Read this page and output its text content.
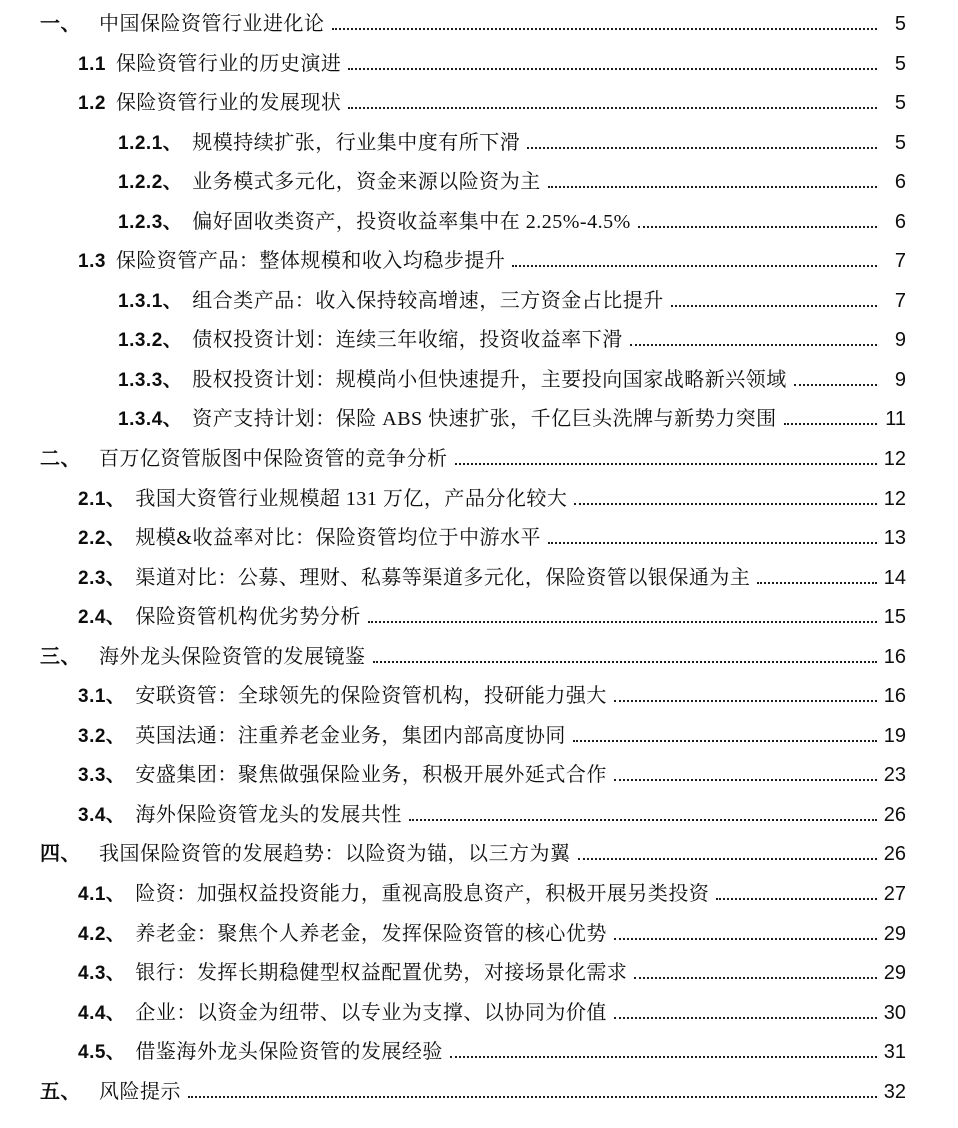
一、 中国保险资管行业进化论	5
1.1 保险资管行业的历史演进	5
1.2 保险资管行业的发展现状	5
1.2.1、 规模持续扩张，行业集中度有所下滑	5
1.2.2、 业务模式多元化，资金来源以险资为主	6
1.2.3、 偏好固收类资产，投资收益率集中在 2.25%-4.5%	6
1.3 保险资管产品：整体规模和收入均稳步提升	7
1.3.1、 组合类产品：收入保持较高增速，三方资金占比提升	7
1.3.2、 债权投资计划：连续三年收缩，投资收益率下滑	9
1.3.3、 股权投资计划：规模尚小但快速提升，主要投向国家战略新兴领域	9
1.3.4、 资产支持计划：保险 ABS 快速扩张，千亿巨头洗牌与新势力突围	11
二、 百万亿资管版图中保险资管的竞争分析	12
2.1、 我国大资管行业规模超 131 万亿，产品分化较大	12
2.2、 规模&收益率对比：保险资管均位于中游水平	13
2.3、 渠道对比：公募、理财、私募等渠道多元化，保险资管以银保通为主	14
2.4、 保险资管机构优劣势分析	15
三、 海外龙头保险资管的发展镜鉴	16
3.1、 安联资管：全球领先的保险资管机构，投研能力强大	16
3.2、 英国法通：注重养老金业务，集团内部高度协同	19
3.3、 安盛集团：聚焦做强保险业务，积极开展外延式合作	23
3.4、 海外保险资管龙头的发展共性	26
四、 我国保险资管的发展趋势：以险资为锚，以三方为翼	26
4.1、 险资：加强权益投资能力，重视高股息资产，积极开展另类投资	27
4.2、 养老金：聚焦个人养老金，发挥保险资管的核心优势	29
4.3、 银行：发挥长期稳健型权益配置优势，对接场景化需求	29
4.4、 企业：以资金为纽带、以专业为支撑、以协同为价值	30
4.5、 借鉴海外龙头保险资管的发展经验	31
五、 风险提示	32
